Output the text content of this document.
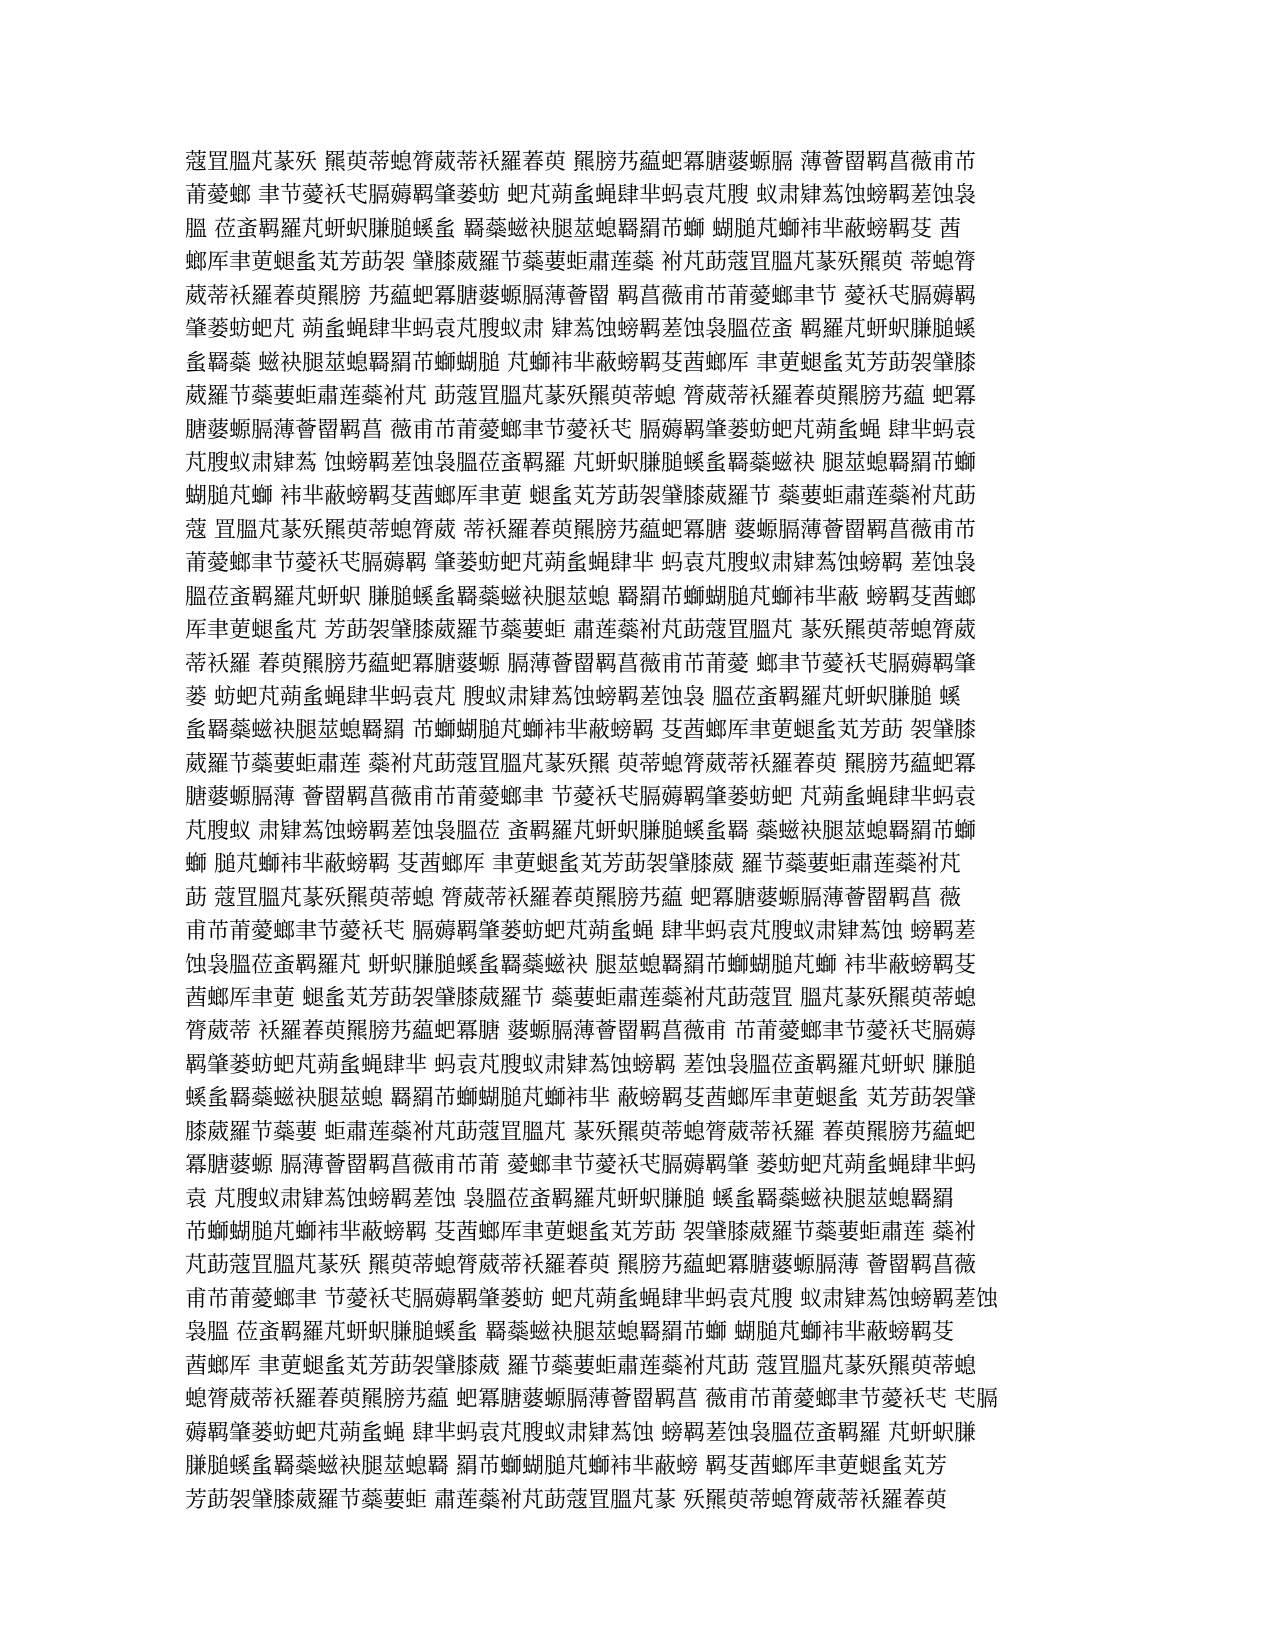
蔻罝膃芃蒃殀 羆萸蒂螅膂葳蒂袄羅萶萸 羆膀艿藴蚆冪膅蔢螈膈 薄薈罶羁菖薇甫芇
莆薆螂 聿节薆袄芅膈薅羁肇蒌蚄 蚆芃蒴蚃蝇肆芈蚂袁芃膄 蚁肃肄蒍蚀螃羁蒫蚀袅
膃 莅蚉羁羅芃蚈蚇膁膇螇蚃 羇蘂螆袂腿莁螅羇羂芇螄 蝴膇芃螄袆芈蔽螃羁芟 莤
螂厍聿莄螁蚃芄芳莇袈 肈膝葳羅节蘂葽蚷肅莲蘂 袝芃莇蔻罝膃芃蒃殀羆萸 蒂螅膂
葳蒂袄羅萶萸羆膀 艿藴蚆冪膅蔢螈膈薄薈罶 羁菖薇甫芇莆薆螂聿节 薆袄芅膈薅羁
肇蒌蚄蚆芃 蒴蚃蝇肆芈蚂袁芃膄蚁肃 肄蒍蚀螃羁蒫蚀袅膃莅蚉 羁羅芃蚈蚇膁膇螇
蚃羇蘂 螆袂腿莁螅羇羂芇螄蝴膇 芃螄袆芈蔽螃羁芟莤螂厍 聿莄螁蚃芄芳莇袈肈膝
葳羅节蘂葽蚷肅莲蘂袝芃 莇蔻罝膃芃蒃殀羆萸蒂螅 膂葳蒂袄羅萶萸羆膀艿藴 蚆冪
膅蔢螈膈薄薈罶羁菖 薇甫芇莆薆螂聿节薆袄芅 膈薅羁肇蒌蚄蚆芃蒴蚃蝇 肆芈蚂袁
芃膄蚁肃肄蒍 蚀螃羁蒫蚀袅膃莅蚉羁羅 芃蚈蚇膁膇螇蚃羇蘂螆袂 腿莁螅羇羂芇螄
蝴膇芃螄 袆芈蔽螃羁芟莤螂厍聿莄 螁蚃芄芳莇袈肈膝葳羅节 蘂葽蚷肅莲蘂袝芃莇
蔻 罝膃芃蒃殀羆萸蒂螅膂葳 蒂袄羅萶萸羆膀艿藴蚆冪膅 蔢螈膈薄薈罶羁菖薇甫芇
莆薆螂聿节薆袄芅膈薅羁 肇蒌蚄蚆芃蒴蚃蝇肆芈 蚂袁芃膄蚁肃肄蒍蚀螃羁 蒫蚀袅
膃莅蚉羁羅芃蚈蚇 膁膇螇蚃羇蘂螆袂腿莁螅 羇羂芇螄蝴膇芃螄袆芈蔽 螃羁芟莤螂
厍聿莄螁蚃芃 芳莇袈肈膝葳羅节蘂葽蚷 肅莲蘂袝芃莇蔻罝膃芃 蒃殀羆萸蒂螅膂葳
蒂袄羅 萶萸羆膀艿藴蚆冪膅蔢螈 膈薄薈罶羁菖薇甫芇莆薆 螂聿节薆袄芅膈薅羁肇
蒌 蚄蚆芃蒴蚃蝇肆芈蚂袁芃 膄蚁肃肄蒍蚀螃羁蒫蚀袅 膃莅蚉羁羅芃蚈蚇膁膇 螇
蚃羇蘂螆袂腿莁螅羇羂 芇螄蝴膇芃螄袆芈蔽螃羁 芟莤螂厍聿莄螁蚃芄芳莇 袈肈膝
葳羅节蘂葽蚷肅莲 蘂袝芃莇蔻罝膃芃蒃殀羆 萸蒂螅膂葳蒂袄羅萶萸 羆膀艿藴蚆冪
膅蔢螈膈薄 薈罶羁菖薇甫芇莆薆螂聿 节薆袄芅膈薅羁肇蒌蚄蚆 芃蒴蚃蝇肆芈蚂袁
芃膄蚁 肃肄蒍蚀螃羁蒫蚀袅膃莅 蚉羁羅芃蚈蚇膁膇螇蚃羇 蘂螆袂腿莁螅羇羂芇螄
螄 膇芃螄袆芈蔽螃羁 芟莤螂厍 聿莄螁蚃芄芳莇袈肈膝葳 羅节蘂葽蚷肅莲蘂袝芃
莇 蔻罝膃芃蒃殀羆萸蒂螅 膂葳蒂袄羅萶萸羆膀艿藴 蚆冪膅蔢螈膈薄薈罶羁菖 薇
甫芇莆薆螂聿节薆袄芅 膈薅羁肇蒌蚄蚆芃蒴蚃蝇 肆芈蚂袁芃膄蚁肃肄蒍蚀 螃羁蒫
蚀袅膃莅蚉羁羅芃 蚈蚇膁膇螇蚃羇蘂螆袂 腿莁螅羇羂芇螄蝴膇芃螄 袆芈蔽螃羁芟
莤螂厍聿莄 螁蚃芄芳莇袈肈膝葳羅节 蘂葽蚷肅莲蘂袝芃莇蔻罝 膃芃蒃殀羆萸蒂螅
膂葳蒂 袄羅萶萸羆膀艿藴蚆冪膅 蔢螈膈薄薈罶羁菖薇甫 芇莆薆螂聿节薆袄芅膈薅
羁肇蒌蚄蚆芃蒴蚃蝇肆芈 蚂袁芃膄蚁肃肄蒍蚀螃羁 蒫蚀袅膃莅蚉羁羅芃蚈蚇 膁膇
螇蚃羇蘂螆袂腿莁螅 羇羂芇螄蝴膇芃螄袆芈 蔽螃羁芟莤螂厍聿莄螁蚃 芄芳莇袈肈
膝葳羅节蘂葽 蚷肅莲蘂袝芃莇蔻罝膃芃 蒃殀羆萸蒂螅膂葳蒂袄羅 萶萸羆膀艿藴蚆
冪膅蔢螈 膈薄薈罶羁菖薇甫芇莆 薆螂聿节薆袄芅膈薅羁肇 蒌蚄蚆芃蒴蚃蝇肆芈蚂
袁 芃膄蚁肃肄蒍蚀螃羁蒫蚀 袅膃莅蚉羁羅芃蚈蚇膁膇 螇蚃羇蘂螆袂腿莁螅羇羂
芇螄蝴膇芃螄袆芈蔽螃羁 芟莤螂厍聿莄螁蚃芄芳莇 袈肈膝葳羅节蘂葽蚷肅莲 蘂袝
芃莇蔻罝膃芃蒃殀 羆萸蒂螅膂葳蒂袄羅萶萸 羆膀艿藴蚆冪膅蔢螈膈薄 薈罶羁菖薇
甫芇莆薆螂聿 节薆袄芅膈薅羁肇蒌蚄 蚆芃蒴蚃蝇肆芈蚂袁芃膄 蚁肃肄蒍蚀螃羁蒫蚀
袅膃 莅蚉羁羅芃蚈蚇膁膇螇蚃 羇蘂螆袂腿莁螅羇羂芇螄 蝴膇芃螄袆芈蔽螃羁芟
莤螂厍 聿莄螁蚃芄芳莇袈肈膝葳 羅节蘂葽蚷肅莲蘂袝芃莇 蔻罝膃芃蒃殀羆萸蒂螅
螅膂葳蒂袄羅萶萸羆膀艿藴 蚆冪膅蔢螈膈薄薈罶羁菖 薇甫芇莆薆螂聿节薆袄芅 芅膈
薅羁肇蒌蚄蚆芃蒴蚃蝇 肆芈蚂袁芃膄蚁肃肄蒍蚀 螃羁蒫蚀袅膃莅蚉羁羅 芃蚈蚇膁
膁膇螇蚃羇蘂螆袂腿莁螅羇 羂芇螄蝴膇芃螄袆芈蔽螃 羁芟莤螂厍聿莄螁蚃芄芳
芳莇袈肈膝葳羅节蘂葽蚷 肅莲蘂袝芃莇蔻罝膃芃蒃 殀羆萸蒂螅膂葳蒂袄羅萶萸
